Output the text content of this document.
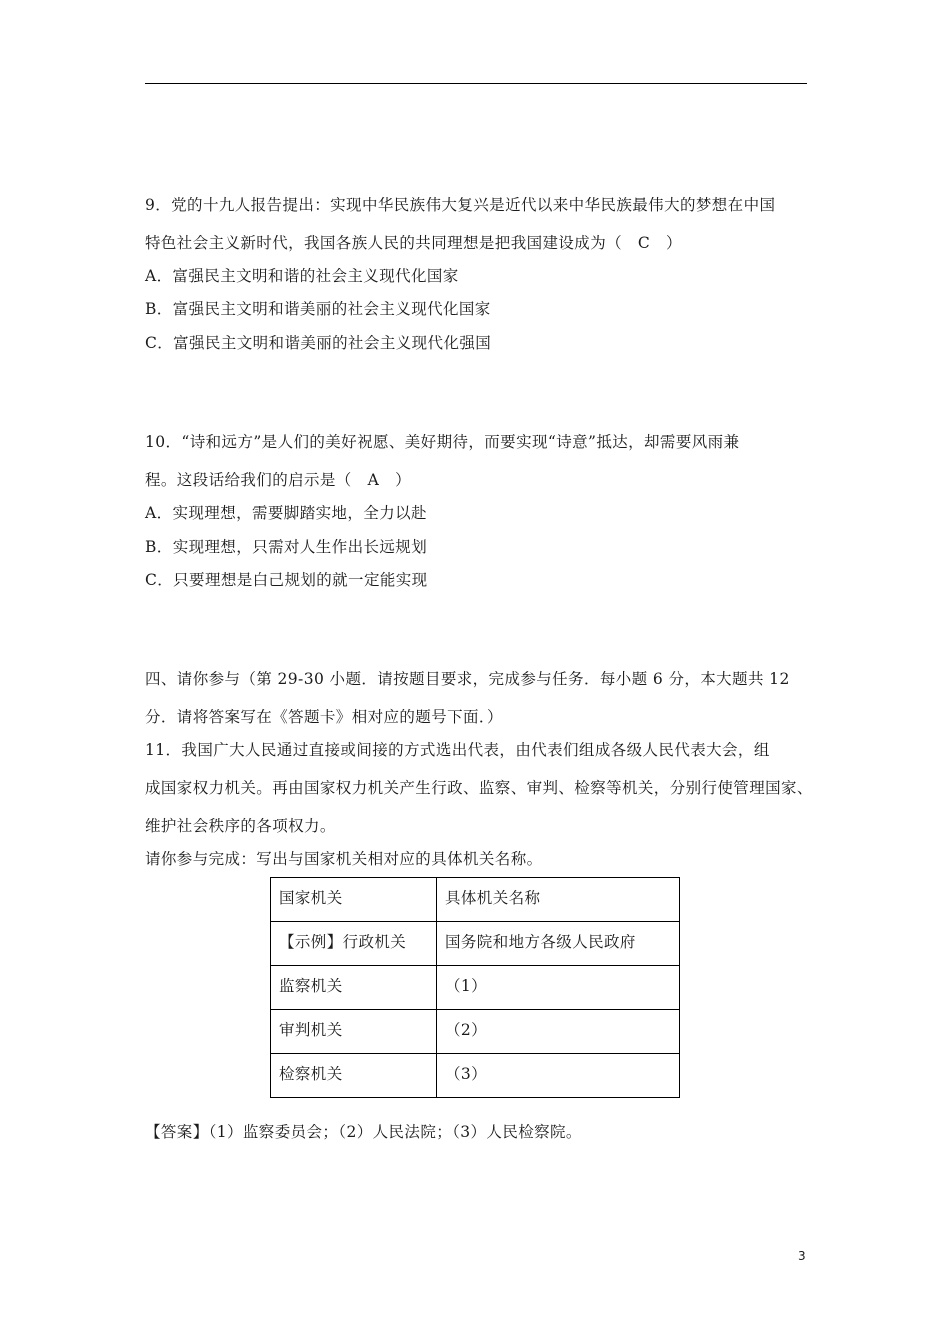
9．党的十九人报告提出：实现中华民族伟大复兴是近代以来中华民族最伟大的梦想在中国
特色社会主义新时代，我国各族人民的共同理想是把我国建设成为（　C　）
A．富强民主文明和谐的社会主义现代化国家
B．富强民主文明和谐美丽的社会主义现代化国家
C．富强民主文明和谐美丽的社会主义现代化强国
10．“诗和远方”是人们的美好祝愿、美好期待，而要实现“诗意”抵达，却需要风雨兼
程。这段话给我们的启示是（　A　）
A．实现理想，需要脚踏实地，全力以赴
B．实现理想，只需对人生作出长远规划
C．只要理想是白己规划的就一定能实现
四、请你参与（第 29-30 小题．请按题目要求，完成参与任务．每小题 6 分，本大题共 12
分．请将答案写在《答题卡》相对应的题号下面．）
11．我国广大人民通过直接或间接的方式选出代表，由代表们组成各级人民代表大会，组
成国家权力机关。再由国家权力机关产生行政、监察、审判、检察等机关，分别行使管理国家、
维护社会秩序的各项权力。
请你参与完成：写出与国家机关相对应的具体机关名称。
国家机关	具体机关名称
【示例】行政机关	国务院和地方各级人民政府
监察机关	（1）
审判机关	（2）
检察机关	（3）
【答案】（1）监察委员会；（2）人民法院；（3）人民检察院。
3
